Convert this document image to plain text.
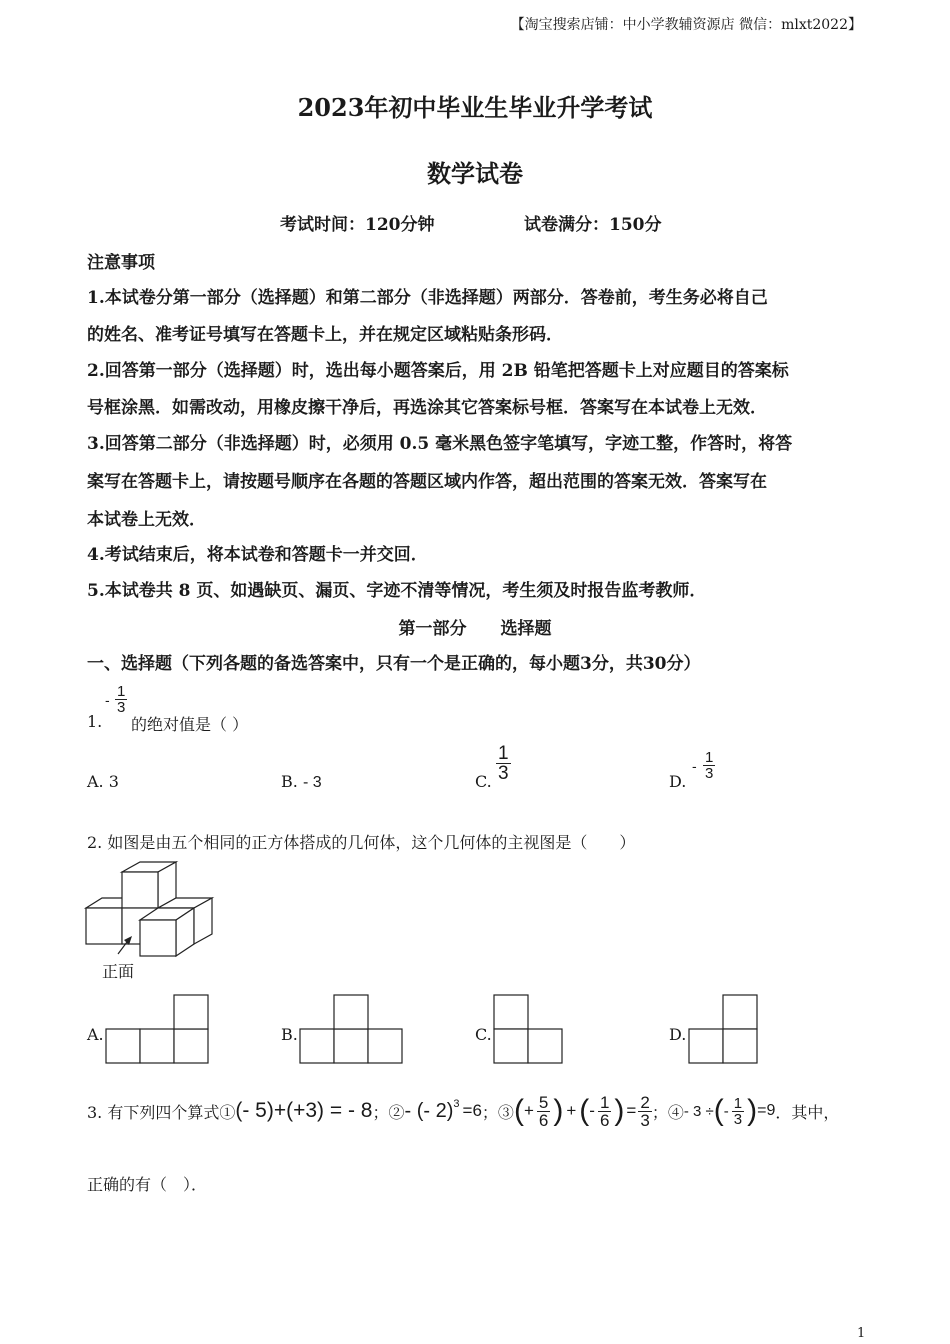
【淘宝搜索店铺：中小学教辅资源店 微信：mlxt2022】
2023年初中毕业生毕业升学考试
数学试卷
考试时间：120分钟	试卷满分：150分
注意事项
1.本试卷分第一部分（选择题）和第二部分（非选择题）两部分．答卷前，考生务必将自己
的姓名、准考证号填写在答题卡上，并在规定区域粘贴条形码．
2.回答第一部分（选择题）时，选出每小题答案后，用 2B 铅笔把答题卡上对应题目的答案标
号框涂黑．如需改动，用橡皮擦干净后，再选涂其它答案标号框．答案写在本试卷上无效．
3.回答第二部分（非选择题）时，必须用 0.5 毫米黑色签字笔填写，字迹工整，作答时，将答
案写在答题卡上，请按题号顺序在各题的答题区域内作答，超出范围的答案无效．答案写在
本试卷上无效．
4.考试结束后，将本试卷和答题卡一并交回．
5.本试卷共 8 页、如遇缺页、漏页、字迹不清等情况，考生须及时报告监考教师．
第一部分　　选择题
一、选择题（下列各题的备选答案中，只有一个是正确的，每小题3分，共30分）
1.
- $\frac{1}{3}$
的绝对值是（ ）
A. 3	B. - 3	C. $\frac{1}{3}$	D.
- $\frac{1}{3}$
2. 如图是由五个相同的正方体搭成的几何体，这个几何体的主视图是（　　）
正面
A.	B.	C.	D.
3. 有下列四个算式① (- 5)+(+3) = - 8 ；② - (- 2)$^3$ =6 ；③ ( + $\frac{5}{6}$ ) + ( - $\frac{1}{6}$ ) = $\frac{2}{3}$ ；④ - 3 ÷ ( - $\frac{1}{3}$ ) =9 ．其中，
正确的有（　）．
1
